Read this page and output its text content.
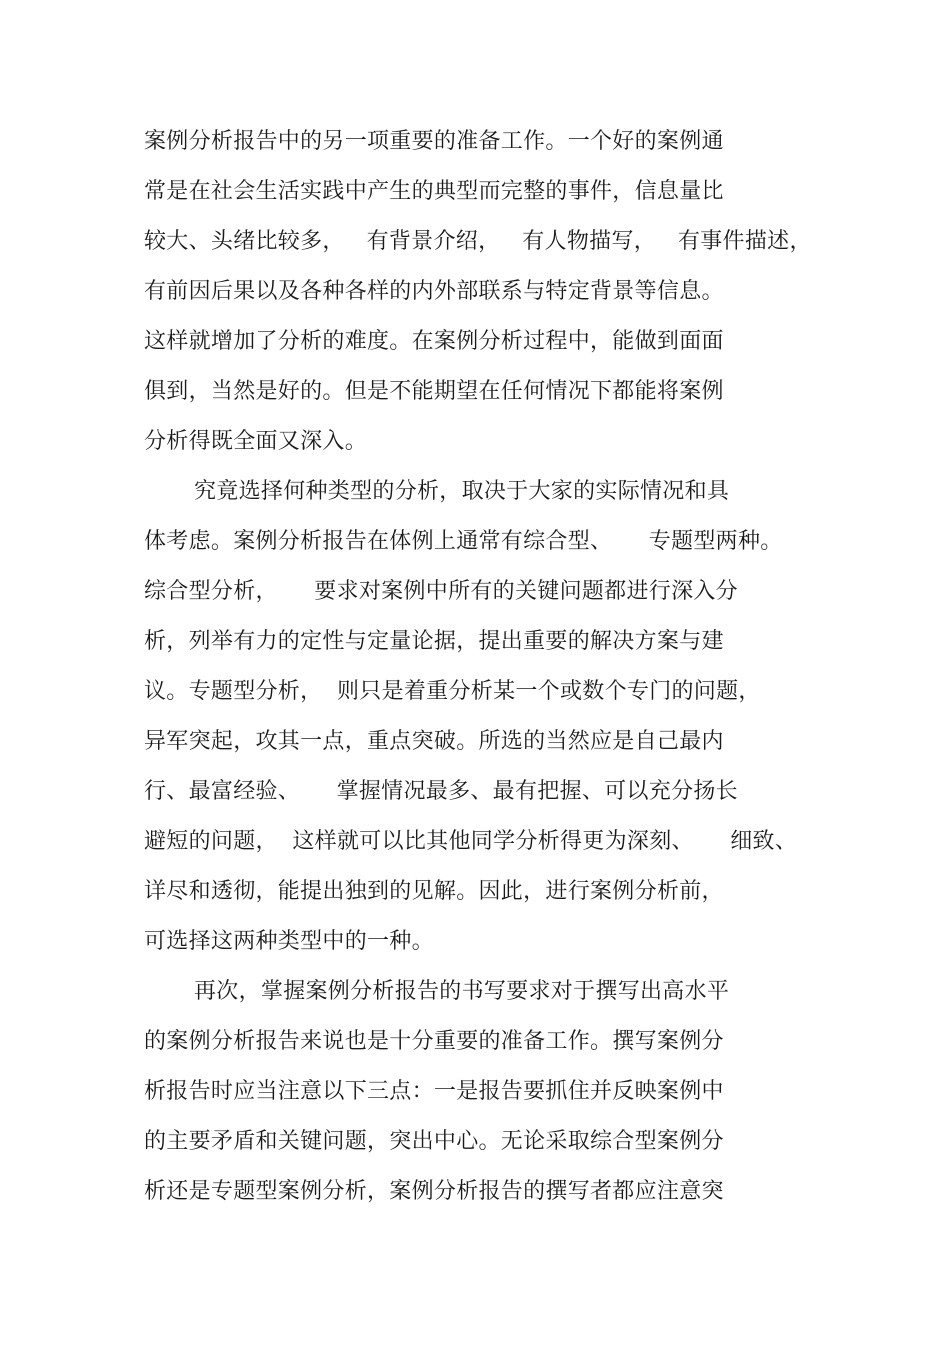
案例分析报告中的另一项重要的准备工作。一个好的案例通
常是在社会生活实践中产生的典型而完整的事件，信息量比
较大、头绪比较多，   有背景介绍，   有人物描写，   有事件描述，
有前因后果以及各种各样的内外部联系与特定背景等信息。
这样就增加了分析的难度。在案例分析过程中，能做到面面
俱到，当然是好的。但是不能期望在任何情况下都能将案例
分析得既全面又深入。
究竟选择何种类型的分析，取决于大家的实际情况和具
体考虑。案例分析报告在体例上通常有综合型、     专题型两种。
综合型分析，     要求对案例中所有的关键问题都进行深入分
析，列举有力的定性与定量论据，提出重要的解决方案与建
议。专题型分析，  则只是着重分析某一个或数个专门的问题，
异军突起，攻其一点，重点突破。所选的当然应是自己最内
行、最富经验、     掌握情况最多、最有把握、可以充分扬长
避短的问题，  这样就可以比其他同学分析得更为深刻、     细致、
详尽和透彻，能提出独到的见解。因此，进行案例分析前，
可选择这两种类型中的一种。
再次，掌握案例分析报告的书写要求对于撰写出高水平
的案例分析报告来说也是十分重要的准备工作。撰写案例分
析报告时应当注意以下三点：一是报告要抓住并反映案例中
的主要矛盾和关键问题，突出中心。无论采取综合型案例分
析还是专题型案例分析，案例分析报告的撰写者都应注意突
